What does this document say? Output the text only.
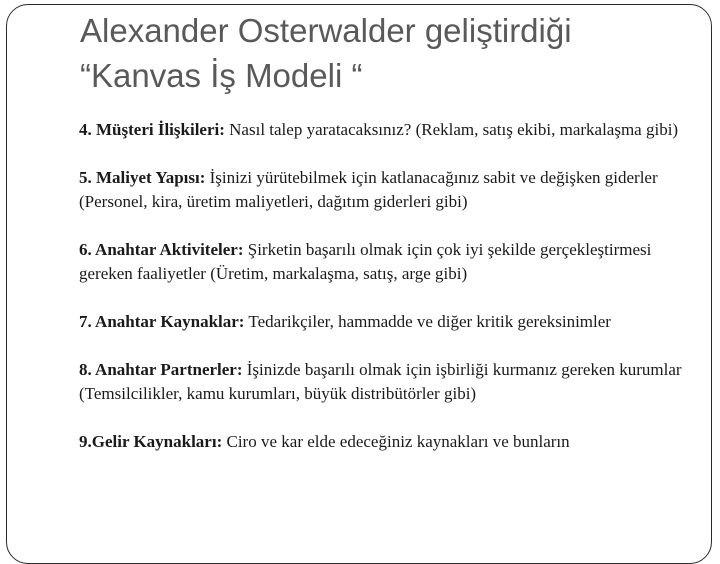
Alexander Osterwalder geliştirdiği
“Kanvas İş Modeli “

4. Müşteri İlişkileri: Nasıl talep yaratacaksınız? (Reklam, satış ekibi, markalaşma gibi)

5. Maliyet Yapısı: İşinizi yürütebilmek için katlanacağınız sabit ve değişken giderler (Personel, kira, üretim maliyetleri, dağıtım giderleri gibi)

6. Anahtar Aktiviteler: Şirketin başarılı olmak için çok iyi şekilde gerçekleştirmesi gereken faaliyetler (Üretim, markalaşma, satış, arge gibi)

7. Anahtar Kaynaklar: Tedarikçiler, hammadde ve diğer kritik gereksinimler

8. Anahtar Partnerler: İşinizde başarılı olmak için işbirliği kurmanız gereken kurumlar (Temsilcilikler, kamu kurumları, büyük distribütörler gibi)

9.Gelir Kaynakları: Ciro ve kar elde edeceğiniz kaynakları ve bunların
